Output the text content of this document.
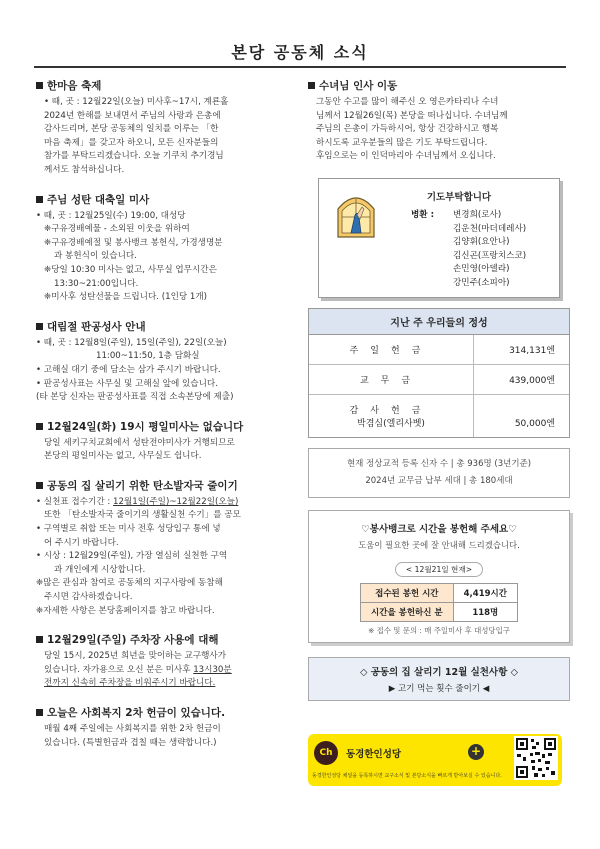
본당 공동체 소식
한마음 축제
• 때, 곳 : 12월22일(오늘) 미사후~17시, 계룐홀
2024년 한해를 보내면서 주님의 사랑과 은총에
감사드리며, 본당 공동체의 일치를 이루는 「한
마음 축제」를 갖고자 하오니, 모든 신자분들의
참가를 부탁드리겠습니다. 오늘 기쿠치 추기경님
께서도 참석하십니다.
주님 성탄 대축일 미사
• 때, 곳 : 12월25일(수) 19:00, 대성당
❈구유경배예물 - 소외된 이웃을 위하여
❈구유경배예절 및 봉사뱅크 봉헌식, 가경생명분
과 봉헌식이 있습니다.
❈당일 10:30 미사는 없고, 사무실 업무시간은
13:30~21:00입니다.
❈미사후 성탄선물을 드립니다. (1인당 1개)
대림절 판공성사 안내
• 때, 곳 : 12월8일(주일), 15일(주일), 22일(오늘)
11:00~11:50, 1층 담화실
• 고해실 대기 중에 담소는 삼가 주시기 바랍니다.
• 판공성사표는 사무실 및 고해실 앞에 있습니다.
(타 본당 신자는 판공성사표를 직접 소속본당에 제출)
12월24일(화) 19시 평일미사는 없습니다
당일 세키구치교회에서 성탄전야미사가 거행되므로
본당의 평일미사는 없고, 사무실도 쉽니다.
공동의 집 살리기 위한 탄소발자국 줄이기
• 실천표 접수기간 : 12월1일(주일)~12월22일(오늘)
또한 「탄소발자국 줄이기의 생활실천 수기」를 공모
• 구역별로 취합 또는 미사 전후 성당입구 통에 넣
어 주시기 바랍니다.
• 시상 : 12월29일(주일), 가장 열심히 실천한 구역
과 개인에게 시상합니다.
❈많은 관심과 참여로 공동체의 지구사랑에 동참해
주시면 감사하겠습니다.
❈자세한 사항은 본당홈페이지를 참고 바랍니다.
12월29일(주일) 주차장 사용에 대해
당일 15시, 2025년 희년을 맞이하는 교구행사가
있습니다. 자가용으로 오신 분은 미사후 13시30분
전까지 신속히 주차장을 비워주시기 바랍니다.
오늘은 사회복지 2차 헌금이 있습니다.
매월 4째 주일에는 사회복지를 위한 2차 헌금이
있습니다. (특별헌금과 겹칠 때는 생략합니다.)
수녀님 인사 이동
그동안 수고를 많이 해주신 오 영은카타리나 수녀
님께서 12월26일(목) 본당을 떠나십니다. 수녀님께
주님의 은총이 가득하시어, 항상 건강하시고 행복
하시도록 교우분들의 많은 기도 부탁드립니다.
후임으로는 이 인덕마리아 수녀님께서 오십니다.
기도부탁합니다
병환 :	변경희(로사)
김운천(마더데레사)
김양휘(요안나)
김신곤(프랑치스코)
손민영(아델라)
강민주(소피아)
지난 주 우리들의 정성
주일헌금	314,131엔
교무금	439,000엔
감사헌금
박겸심(엘리사벳)	50,000엔
현재 정상교적 등록 신자 수 | 총 936명 (3년기준)
2024년 교무금 납부 세대 | 총 180세대
♡봉사뱅크로 시간을 봉헌해 주세요♡
도움이 필요한 곳에 잘 안내해 드리겠습니다.
< 12월21일 현재>
접수된 봉헌 시간	4,419시간
시간을 봉헌하신 분	118명
※ 접수 및 문의 : 매 주일미사 후 대성당입구
◇ 공동의 집 살리기 12월 실천사항 ◇
▶ 고기 먹는 횟수 줄이기 ◀
Ch	동경한인성당	+
동경한인성당 채널을 등록하시면 교구소식 및 본당소식을 빠르게 받아보실 수 있습니다.
